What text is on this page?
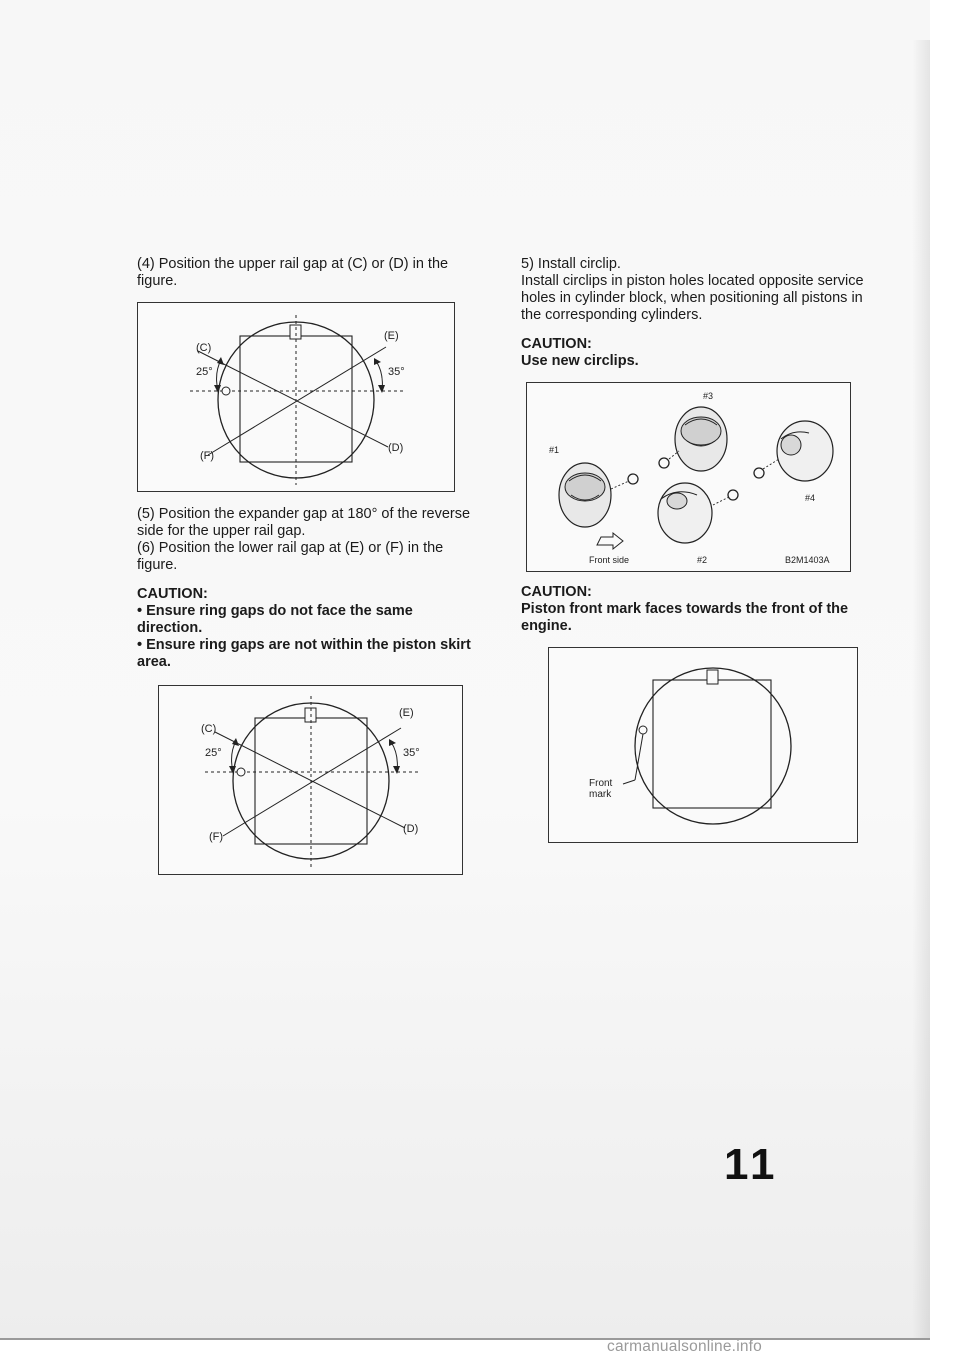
(4) Position the upper rail gap at (C) or (D) in the figure.

(C)
(E)
(D)
(F)
25°	35°

(5) Position the expander gap at 180° of the reverse side for the upper rail gap.

(6) Position the lower rail gap at (E) or (F) in the figure.

CAUTION:

• Ensure ring gaps do not face the same direction.

• Ensure ring gaps are not within the piston skirt area.

(C)
(E)
(D)
(F)
25°	35°

5) Install circlip.

Install circlips in piston holes located opposite service holes in cylinder block, when positioning all pistons in the corresponding cylinders.

CAUTION:

Use new circlips.

#1
#3
#4
#2
Front side	B2M1403A

CAUTION:

Piston front mark faces towards the front of the engine.

Front
mark
11
carmanualsonline.info
